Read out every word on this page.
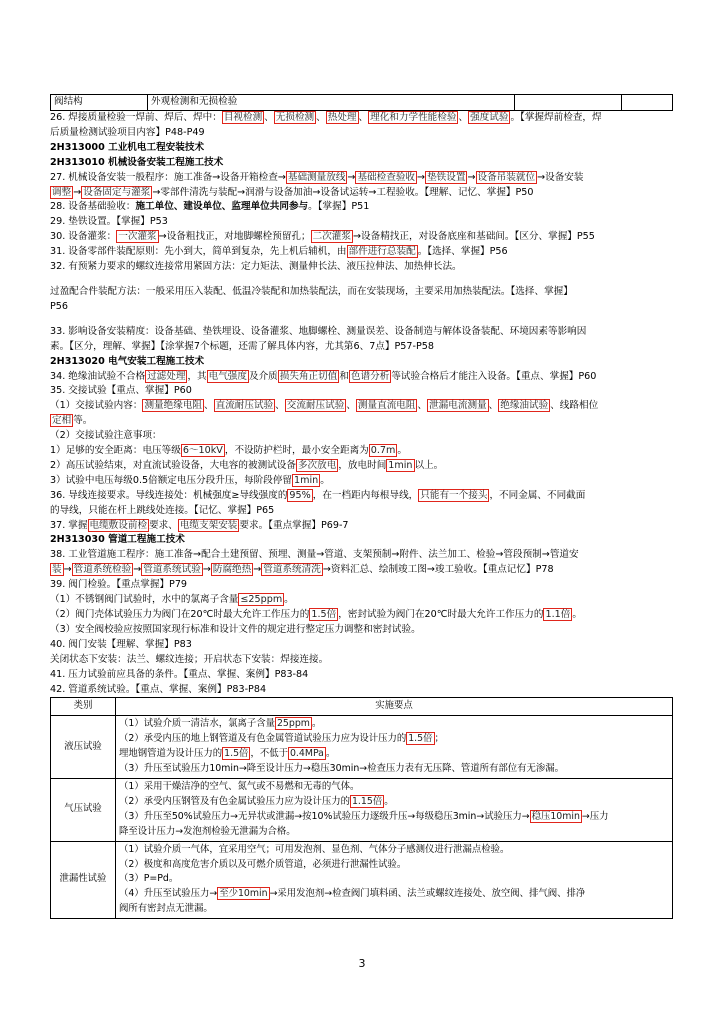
阀结构	外观检测和无损检验
26. 焊接质量检验一焊前、焊后、焊中： 目视检测 、 无损检测 、 热处理 、 理化和力学性能检验 、 强度试验 。【掌握焊前检查，焊
后质量检测试验项目内容】P48-P49
2H313000 工业机电工程安装技术
2H313010 机械设备安装工程施工技术
27. 机械设备安装一般程序：施工准备→设备开箱检查→ 基础测量放线 → 基础检查验收 → 垫铁设置 → 设备吊装就位 →设备安装
调整 → 设备固定与灌浆 →零部件清洗与装配→润滑与设备加油→设备试运转→工程验收。【理解、记忆、掌握】P50
28. 设备基础验收：施工单位、建设单位、监理单位共同参与。【掌握】P51
29. 垫铁设置。【掌握】P53
30. 设备灌浆： 一次灌浆 →设备粗找正，对地脚螺栓预留孔； 二次灌浆 →设备精找正，对设备底座和基础间。【区分、掌握】P55
31. 设备零部件装配原则：先小到大，简单到复杂，先上机后辅机，由 部件进行总装配 。【选择、掌握】P56
32. 有预紧力要求的螺纹连接常用紧固方法：定力矩法、测量伸长法、液压拉伸法、加热伸长法。
过盈配合件装配方法：一般采用压入装配、低温冷装配和加热装配法，而在安装现场，主要采用加热装配法。【选择、掌握】
P56
33. 影响设备安装精度：设备基础、垫铁埋设、设备灌浆、地脚螺栓、测量误差、设备制造与解体设备装配、环境因素等影响因
素。【区分，理解、掌握】【涂掌握7个标题，还需了解具体内容，尤其第6、7点】P57-P58
2H313020 电气安装工程施工技术
34. 绝缘油试验不合格 过滤处理 ，其 电气强度 及介质 损失角正切值 和 色谱分析 等试验合格后才能注入设备。【重点、掌握】P60
35. 交接试验【重点、掌握】P60
（1）交接试验内容： 测量绝缘电阻 、 直流耐压试验 、 交流耐压试验 、 测量直流电阻 、 泄漏电流测量 、 绝缘油试验 、线路相位
定相 等。
（2）交接试验注意事项：
1）足够的安全距离：电压等级 6～10kV ，不设防护栏时，最小安全距离为 0.7m 。
2）高压试验结束，对直流试验设备，大电容的被测试设备 多次放电 ，放电时间 1min 以上。
3）试验中电压每级0.5倍额定电压分段升压，每阶段停留 1min 。
36. 导线连接要求。导线连接处：机械强度≥导线强度的 95% ，在一档距内每根导线， 只能有一个接头 ，不同金属、不同截面
的导线，只能在杆上跳线处连接。【记忆、掌握】P65
37. 掌握 电缆敷设前检 要求、 电缆支架安装 要求。【重点掌握】P69-7
2H313030 管道工程施工技术
38. 工业管道施工程序：施工准备→配合土建预留、预埋、测量→管道、支架预制→附件、法兰加工、检验→管段预制→管道安
装 → 管道系统检验 → 管道系统试验 → 防腐绝热 → 管道系统清洗 →资料汇总、绘制竣工图→竣工验收。【重点记忆】P78
39. 阀门检验。【重点掌握】P79
（1）不锈钢阀门试验时，水中的氯离子含量 ≤25ppm 。
（2）阀门壳体试验压力为阀门在20℃时最大允许工作压力的 1.5倍 ，密封试验为阀门在20℃时最大允许工作压力的 1.1倍 。
（3）安全阀校验应按照国家现行标准和设计文件的规定进行整定压力调整和密封试验。
40. 阀门安装【理解、掌握】P83
关闭状态下安装：法兰、螺纹连接；开启状态下安装：焊接连接。
41. 压力试验前应具备的条件。【重点、掌握、案例】P83-84
42. 管道系统试验。【重点、掌握、案例】P83-P84
类别	实施要点
液压试验	（1）试验介质一清洁水，氯离子含量 25ppm 。
（2）承受内压的地上钢管道及有色金属管道试验压力应为设计压力的 1.5倍 ；
埋地钢管道为设计压力的 1.5倍 ，不低于 0.4MPa 。
（3）升压至试验压力10min→降至设计压力→稳压30min→检查压力表有无压降、管道所有部位有无渗漏。

气压试验	（1）采用干燥洁净的空气、氮气或不易燃和无毒的气体。
（2）承受内压钢管及有色金属试验压力应为设计压力的 1.15倍 。
（3）升压至50%试验压力→无异状或泄漏→按10%试验压力逐级升压→每级稳压3min→试验压力→ 稳压10min →压力
降至设计压力→发泡剂检验无泄漏为合格。

泄漏性试验	（1）试验介质一气体，宜采用空气；可用发泡剂、显色剂、气体分子感测仪进行泄漏点检验。
（2）极度和高度危害介质以及可燃介质管道，必须进行泄漏性试验。
（3）P=Pd。
（4）升压至试验压力→ 至少10min →采用发泡剂→检查阀门填料函、法兰或螺纹连接处、放空阀、排气阀、排净
阀所有密封点无泄漏。
3
